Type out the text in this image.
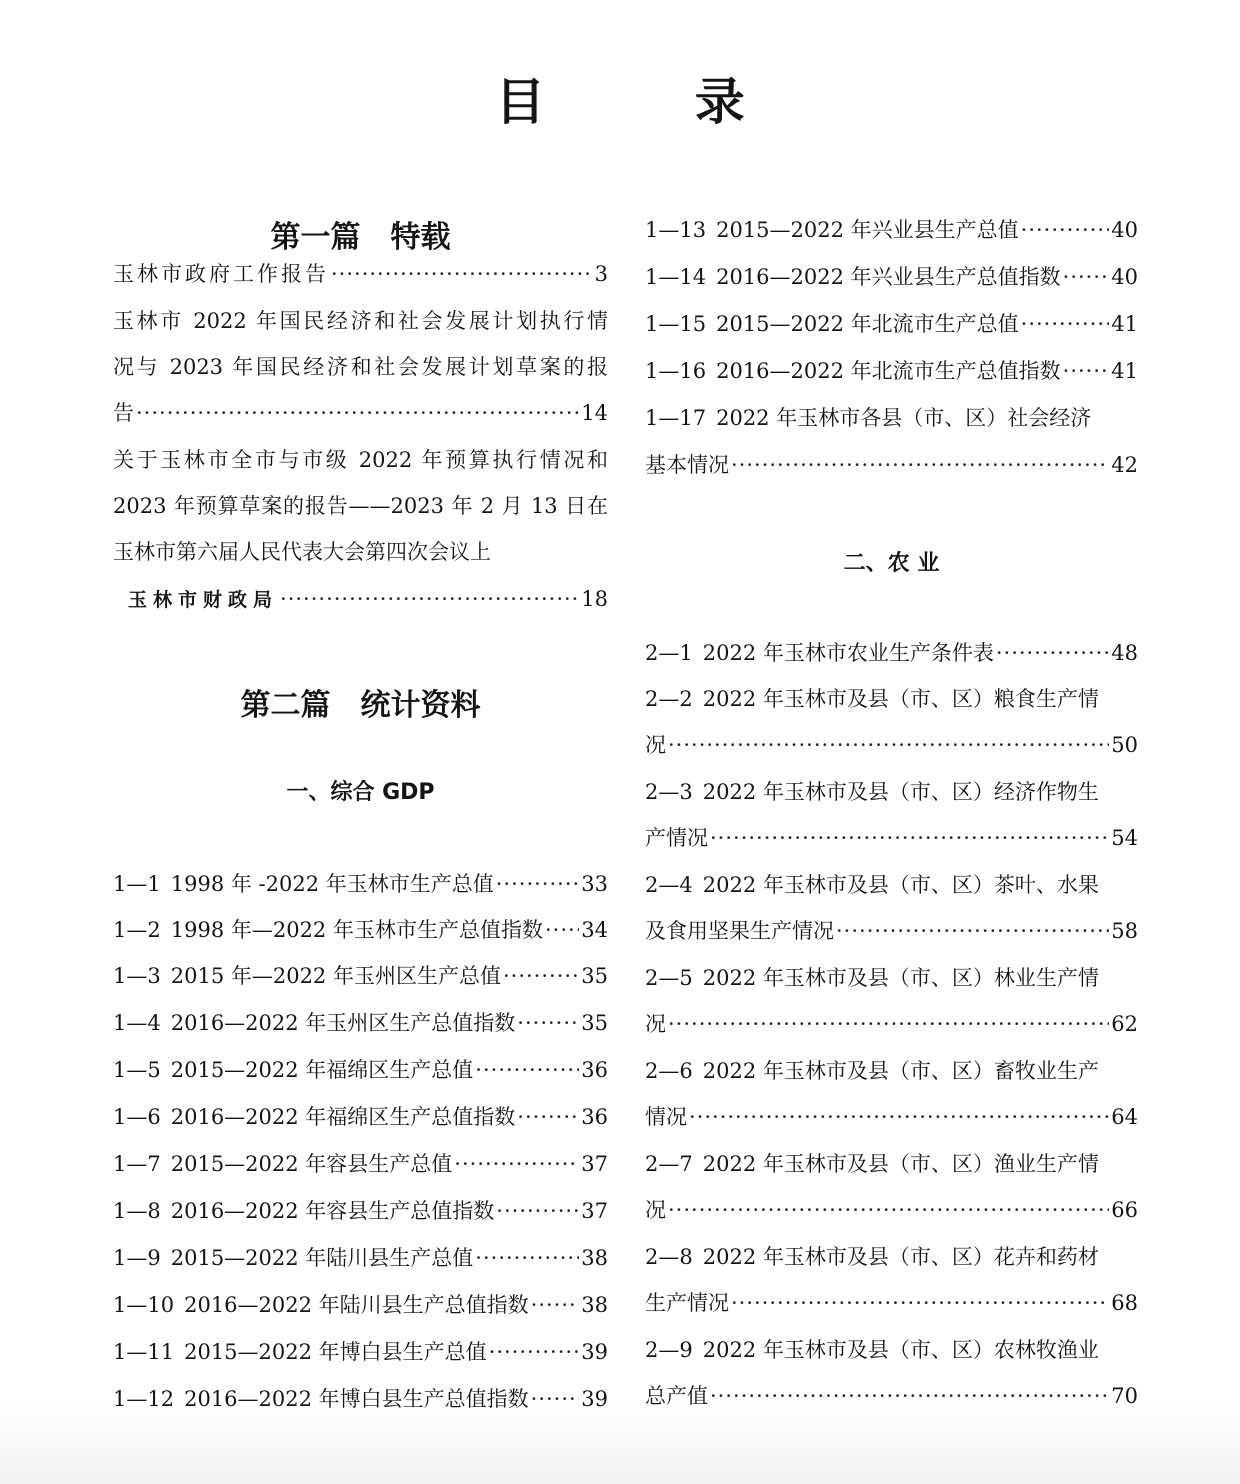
目 录
第一篇 特载
玉林市政府工作报告 ·····	3
玉林市 2022 年国民经济和社会发展计划执行情
况与 2023 年国民经济和社会发展计划草案的报
告 ·····	14
关于玉林市全市与市级 2022 年预算执行情况和
2023 年预算草案的报告——2023 年 2 月 13 日在
玉林市第六届人民代表大会第四次会议上
玉林市财政局 ·····	18
第二篇 统计资料
一、综合 GDP
1—1 1998 年 -2022 年玉林市生产总值 ·····	33
1—2 1998 年—2022 年玉林市生产总值指数 ····· 34
1—3 2015 年—2022 年玉州区生产总值 ·····	35
1—4 2016—2022 年玉州区生产总值指数 ·····	35
1—5 2015—2022 年福绵区生产总值 ·····	36
1—6 2016—2022 年福绵区生产总值指数 ·····	36
1—7 2015—2022 年容县生产总值 ·····	37
1—8 2016—2022 年容县生产总值指数 ·····	37
1—9 2015—2022 年陆川县生产总值 ·····	38
1—10 2016—2022 年陆川县生产总值指数 ·····	38
1—11 2015—2022 年博白县生产总值 ·····	39
1—12 2016—2022 年博白县生产总值指数 ·····	39
1—13 2015—2022 年兴业县生产总值 ·····	40
1—14 2016—2022 年兴业县生产总值指数 ····· 40
1—15 2015—2022 年北流市生产总值 ·····	41
1—16 2016—2022 年北流市生产总值指数 ····· 41
1—17 2022 年玉林市各县（市、区）社会经济
基本情况 ·····	42
二、农 业
2—1 2022 年玉林市农业生产条件表 ·····	48
2—2 2022 年玉林市及县（市、区）粮食生产情
况 ·····	50
2—3 2022 年玉林市及县（市、区）经济作物生
产情况 ·····	54
2—4 2022 年玉林市及县（市、区）茶叶、水果
及食用坚果生产情况 ·····	58
2—5 2022 年玉林市及县（市、区）林业生产情
况 ·····	62
2—6 2022 年玉林市及县（市、区）畜牧业生产
情况 ·····	64
2—7 2022 年玉林市及县（市、区）渔业生产情
况 ·····	66
2—8 2022 年玉林市及县（市、区）花卉和药材
生产情况 ·····	68
2—9 2022 年玉林市及县（市、区）农林牧渔业
总产值 ·····	70
